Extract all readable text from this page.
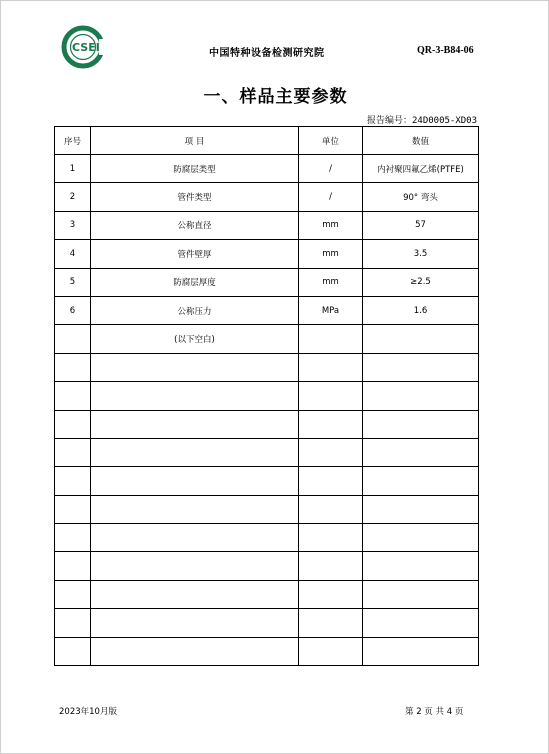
CSEI	中国特种设备检测研究院	QR-3-B84-06
一、样品主要参数
报告编号：24D0005-XD03
序号	项 目	单位	数值
1	防腐层类型	/	内衬聚四氟乙烯(PTFE)
2	管件类型	/	90° 弯头
3	公称直径	mm	57
4	管件壁厚	mm	3.5
5	防腐层厚度	mm	≥2.5
6	公称压力	MPa	1.6
	(以下空白)		

2023年10月版	第 2 页 共 4 页
